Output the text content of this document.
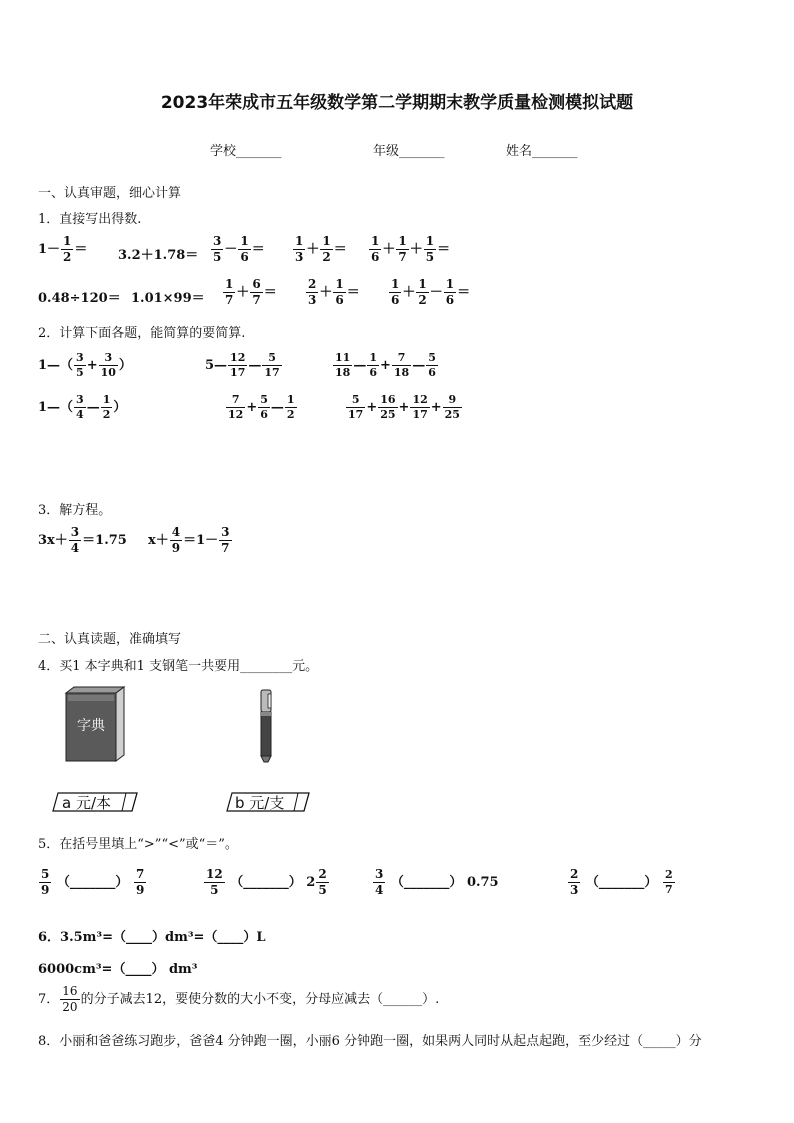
2023年荣成市五年级数学第二学期期末教学质量检测模拟试题
学校_______	年级_______	姓名_______
一、认真审题，细心计算
1．直接写出得数.
$1- \frac{1}{2} = 3.2+1.78= \frac{3}{5} - \frac{1}{6} = \frac{1}{3} + \frac{1}{2} = \frac{1}{6} + \frac{1}{7} + \frac{1}{5}$ ＝
$0.48\div 120= 1.01\times 99= \frac{1}{7} + \frac{6}{7} = \frac{2}{3} + \frac{1}{6} = \frac{1}{6} + \frac{1}{2} - \frac{1}{6}$ ＝
2．计算下面各题，能简算的要简算.
1—（ $\frac{3}{5} + \frac{3}{10}$ ）	5— $\frac{12}{17}$ — $\frac{5}{17}$	$\frac{11}{18}$ — $\frac{1}{6} + \frac{7}{18}$ — $\frac{5}{6}$
1—（ $\frac{3}{4}$ — $\frac{1}{2}$ ）	$\frac{7}{12} + \frac{5}{6}$ — $\frac{1}{2}$	$\frac{5}{17} + \frac{16}{25} + \frac{12}{17} + \frac{9}{25}$
3．解方程。
$3x+ \frac{3}{4} =1.75$ $x+ \frac{4}{9} =1- \frac{3}{7}$
二、认真读题，准确填写
4．买1 本字典和1 支钢笔一共要用________元。
字典
a 元/本	b 元/支
5．在括号里填上“>”“<”或“＝”。
$\frac{5}{9}$ （_______） $\frac{7}{9}$	$\frac{12}{5}$ （_______） $2 \frac{2}{5}$	$\frac{3}{4}$ （_______） 0.75	$\frac{2}{3}$ （_______） $\frac{2}{7}$
6．3.5m³=（____）dm³=（____）L
6000cm³=（____） dm³
7． $\frac{16}{20}$ 的分子减去12，要使分数的大小不变，分母应减去（______）.
8．小丽和爸爸练习跑步，爸爸4 分钟跑一圈，小丽6 分钟跑一圈，如果两人同时从起点起跑，至少经过（_____）分
